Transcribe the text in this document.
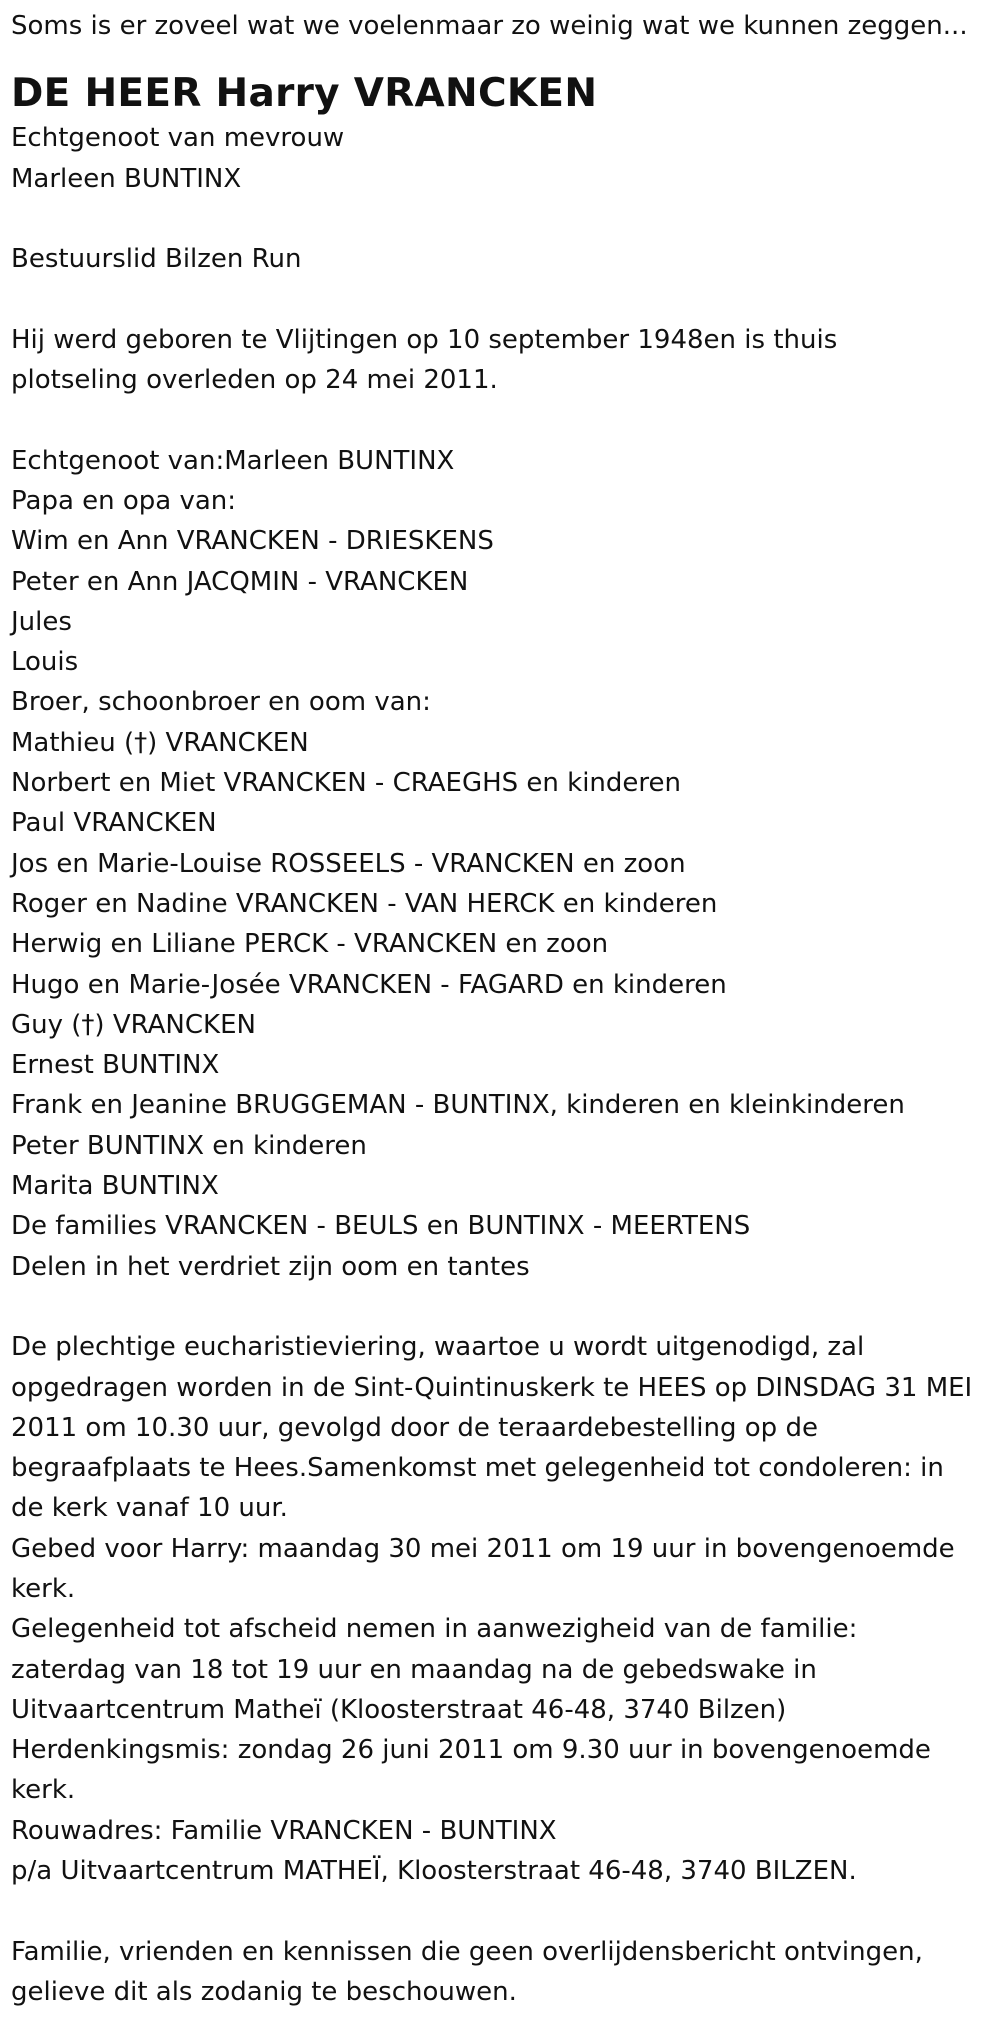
Soms is er zoveel wat we voelenmaar zo weinig wat we kunnen zeggen...

DE HEER Harry VRANCKEN

Echtgenoot van mevrouw

Marleen BUNTINX

Bestuurslid Bilzen Run

Hij werd geboren te Vlijtingen op 10 september 1948en is thuis

plotseling overleden op 24 mei 2011.

Echtgenoot van:Marleen BUNTINX

Papa en opa van:

Wim en Ann VRANCKEN - DRIESKENS

Peter en Ann JACQMIN - VRANCKEN

Jules

Louis

Broer, schoonbroer en oom van:

Mathieu (†) VRANCKEN

Norbert en Miet VRANCKEN - CRAEGHS en kinderen

Paul VRANCKEN

Jos en Marie-Louise ROSSEELS - VRANCKEN en zoon

Roger en Nadine VRANCKEN - VAN HERCK en kinderen

Herwig en Liliane PERCK - VRANCKEN en zoon

Hugo en Marie-Josée VRANCKEN - FAGARD en kinderen

Guy (†) VRANCKEN

Ernest BUNTINX

Frank en Jeanine BRUGGEMAN - BUNTINX, kinderen en kleinkinderen

Peter BUNTINX en kinderen

Marita BUNTINX

De families VRANCKEN - BEULS en BUNTINX - MEERTENS

Delen in het verdriet zijn oom en tantes

De plechtige eucharistieviering, waartoe u wordt uitgenodigd, zal

opgedragen worden in de Sint-Quintinuskerk te HEES op DINSDAG 31 MEI

2011 om 10.30 uur, gevolgd door de teraardebestelling op de

begraafplaats te Hees.Samenkomst met gelegenheid tot condoleren: in

de kerk vanaf 10 uur.

Gebed voor Harry: maandag 30 mei 2011 om 19 uur in bovengenoemde

kerk.

Gelegenheid tot afscheid nemen in aanwezigheid van de familie:

zaterdag van 18 tot 19 uur en maandag na de gebedswake in

Uitvaartcentrum Matheï (Kloosterstraat 46-48, 3740 Bilzen)

Herdenkingsmis: zondag 26 juni 2011 om 9.30 uur in bovengenoemde

kerk.

Rouwadres: Familie VRANCKEN - BUNTINX

p/a Uitvaartcentrum MATHEÏ, Kloosterstraat 46-48, 3740 BILZEN.

Familie, vrienden en kennissen die geen overlijdensbericht ontvingen,

gelieve dit als zodanig te beschouwen.
